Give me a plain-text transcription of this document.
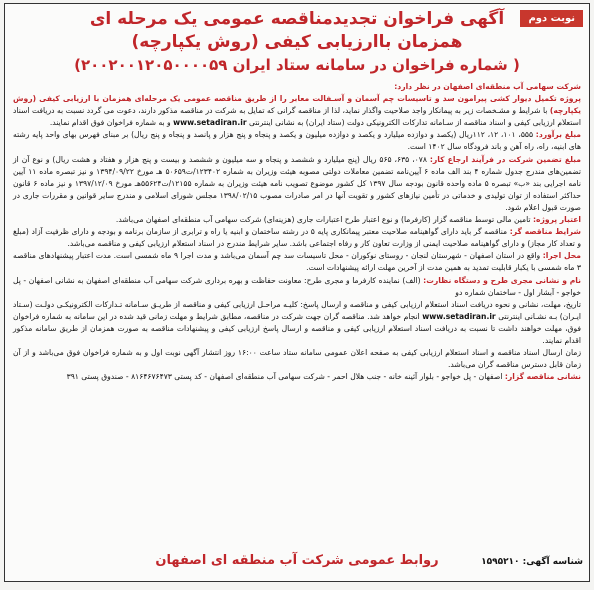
نوبت دوم
آگهی فراخوان تجدیدمناقصه عمومی یک مرحله ای
همزمان باارزیابی کیفی (روش یکپارچه)
(شماره فراخوان در سامانه ستاد ایران ۲۰۰۲۰۰۱۲۰۵۰۰۰۰۵۹ )

شرکت سهامی آب منطقه‌ای اصفهان در نظر دارد:

پروژه تکمیل دیوار کشی پیرامون سد و تاسیسات چم آسمان و آسـفالت معابر را از طریق مناقصه عمومی یک مرحله‌ای همزمان با ارزیابی کیفی (روش یکپارچه) با شرایط و مشـخصات زیر به پیمانکار واجد صلاحیت واگذار نماید، لذا از مناقصه گرانی که تمایل به شرکت در مناقصه مذکور دارند، دعوت می گردد نسبت به دریافت اسناد استعلام ارزیابی کیفی و اسناد مناقصه از سـامانه تدارکات الکترونیکی دولت (ستاد ایران) به نشانی اینترنتی www.setadiran.ir و به شماره فراخوان فوق اقدام نمایند.

مبلغ برآورد: ۵۵۵، ۱۰۱، ۱۲، ۱۱۲ریال (یکصد و دوازده میلیارد و یکصد و دوازده میلیون و یکصد و پنجاه و پنج هزار و پانصد و پنجاه و پنج ریال) بر مبنای فهرس بهای واحد پایه رشته های ابنیه، راه، راه آهن و باند فرودگاه سال ۱۴۰۲ است.

مبلغ تضمین شرکت در فرآیند ارجاع کار: ۰۷۸، ۶۳۵، ۵۶۵ ریال (پنج میلیارد و ششصد و پنجاه و سه میلیون و ششصد و بیست و پنج هزار و هفتاد و هشت ریال) و نوع آن از تضمین‌های مندرج جدول شماره ۴ بند الف ماده ۶ آیین‌نامه تضمین معاملات دولتی مصوبه هیئت وزیران به شماره ۱۲۳۴۰۲/ت۵۰۶۵۹ هـ مورخ ۱۳۹۴/۰۹/۲۲ و نیز تبصره ماده ۱۱ آیین نامه اجرایی بند «ب» تبصره ۵ ماده واحده قانون بودجه سال ۱۳۹۷ کل کشور موضوع تصویب نامه هیئت وزیران به شماره ۱۲۱۵۵/ت۵۵۶۲۴هـ مورخ ۱۳۹۷/۱۲/۰۹ و نیز ماده ۶ قانون حداکثر استفاده از توان تولیدی و خدماتی در تأمین نیازهای کشور و تقویت آنها در امر صادرات مصوب ۱۳۹۸/۰۲/۱۵ مجلس شورای اسلامی و مندرج سایر قوانین و مقررات جاری در صورت قبول اعلام شود.

اعتبار پروژه: تامین مالی توسط مناقصه گزار (کارفرما) و نوع اعتبار طرح اعتبارات جاری (هزینه‌ای) شرکت سهامی آب منطقه‌ای اصفهان می‌باشد.

شرایط مناقصه گر: مناقصه گر باید دارای گواهینامه صلاحیت معتبر پیمانکاری پایه ۵ در رشته ساختمان و ابنیه یا راه و ترابری از سازمان برنامه و بودجه و دارای ظرفیت آزاد (مبلغ و تعداد کار مجاز) و دارای گواهینامه صلاحیت ایمنی از وزارت تعاون کار و رفاه اجتماعی باشد. سایر شرایط مندرج در اسناد استعلام ارزیابی کیفی و مناقصه می‌باشد.

محل اجرا: واقع در استان اصفهان - شهرستان لنجان - روستای نوکوران - محل تاسیسات سد چم آسمان می‌باشد و مدت اجرا ۹ ماه شمسی است. مدت اعتبار پیشنهادهای مناقصه ۳ ماه شمسی با یکبار قابلیت تمدید به همین مدت از آخرین مهلت ارائه پیشنهادات است.

نام و نشانی مجری طرح و دستگاه نظارت: (الف) نماینده کارفرما و مجری طرح: معاونت حفاظت و بهره برداری شرکت سهامی آب منطقه‌ای اصفهان به نشانی اصفهان - پل خواجو - آبشار اول - ساختمان شماره دو

تاریخ، مهلت، نشانی و نحوه دریافت اسناد استعلام ارزیابی کیفی و مناقصه و ارسال پاسخ: کلیـه مراحـل ارزیابی کیفی و مناقصه از طریـق سـامانه تـدارکات الکترونیکـی دولـت (سـتاد ایـران) بـه نشـانی اینترنتی www.setadiran.ir انجام خواهد شد. مناقصه گران جهت شرکت در مناقصه، مطابق شرایط و مهلت زمانی قید شده در این سامانه به شماره فراخوان فوق، مهلت خواهند داشت تا نسبت به دریافت اسناد استعلام ارزیابی کیفی و مناقصه و ارسال پاسخ ارزیابی کیفی و پیشنهادات مناقصه به صورت همزمان از طریق سامانه مذکور اقدام نمایند.

زمان ارسال اسناد مناقصه و اسناد استعلام ارزیابی کیفی به صفحه اعلان عمومی سامانه ستاد ساعت ۱۶:۰۰ روز انتشار آگهی نوبت اول و به شماره فراخوان فوق می‌باشد و از آن زمان قابل دسترس مناقصه گران می‌باشد.

نشانی مناقصه گزار: اصفهان - پل خواجو - بلوار آئینه خانه - جنب هلال احمر - شرکت سهامی آب منطقه‌ای اصفهان - کد پستی ۸۱۶۴۶۷۶۴۷۳ - صندوق پستی ۳۹۱

روابط عمومی شرکت آب منطقه ای اصفهان	شناسه آگهی: ۱۵۹۵۲۱۰
